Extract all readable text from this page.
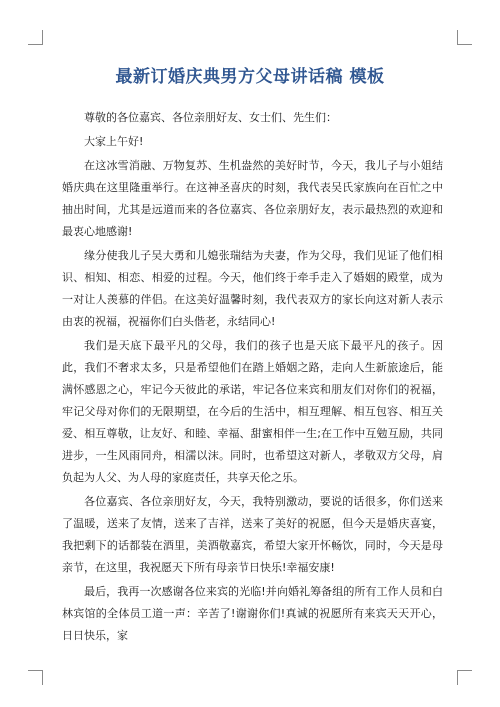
最新订婚庆典男方父母讲话稿 模板

尊敬的各位嘉宾、各位亲朋好友、女士们、先生们：

大家上午好!

在这冰雪消融、万物复苏、生机盎然的美好时节，今天，我儿子与小姐结婚庆典在这里隆重举行。在这神圣喜庆的时刻，我代表吴氏家族向在百忙之中抽出时间，尤其是远道而来的各位嘉宾、各位亲朋好友，表示最热烈的欢迎和最衷心地感谢!

缘分使我儿子吴大勇和儿媳张瑞结为夫妻，作为父母，我们见证了他们相识、相知、相恋、相爱的过程。今天，他们终于牵手走入了婚姻的殿堂，成为一对让人羡慕的伴侣。在这美好温馨时刻，我代表双方的家长向这对新人表示由衷的祝福，祝福你们白头偕老，永结同心!

我们是天底下最平凡的父母，我们的孩子也是天底下最平凡的孩子。因此，我们不奢求太多，只是希望他们在踏上婚姻之路，走向人生新旅途后，能满怀感恩之心，牢记今天彼此的承诺，牢记各位来宾和朋友们对你们的祝福，牢记父母对你们的无限期望，在今后的生活中，相互理解、相互包容、相互关爱、相互尊敬，让友好、和睦、幸福、甜蜜相伴一生;在工作中互勉互励，共同进步，一生风雨同舟，相濡以沫。同时，也希望这对新人，孝敬双方父母，肩负起为人父、为人母的家庭责任，共享天伦之乐。

各位嘉宾、各位亲朋好友，今天，我特别激动，要说的话很多，你们送来了温暖，送来了友情，送来了吉祥，送来了美好的祝愿，但今天是婚庆喜宴，我把剩下的话都装在酒里，美酒敬嘉宾，希望大家开怀畅饮，同时，今天是母亲节，在这里，我祝愿天下所有母亲节日快乐!幸福安康!

最后，我再一次感谢各位来宾的光临!并向婚礼筹备组的所有工作人员和白林宾馆的全体员工道一声：辛苦了!谢谢你们!真诚的祝愿所有来宾天天开心，日日快乐，家
